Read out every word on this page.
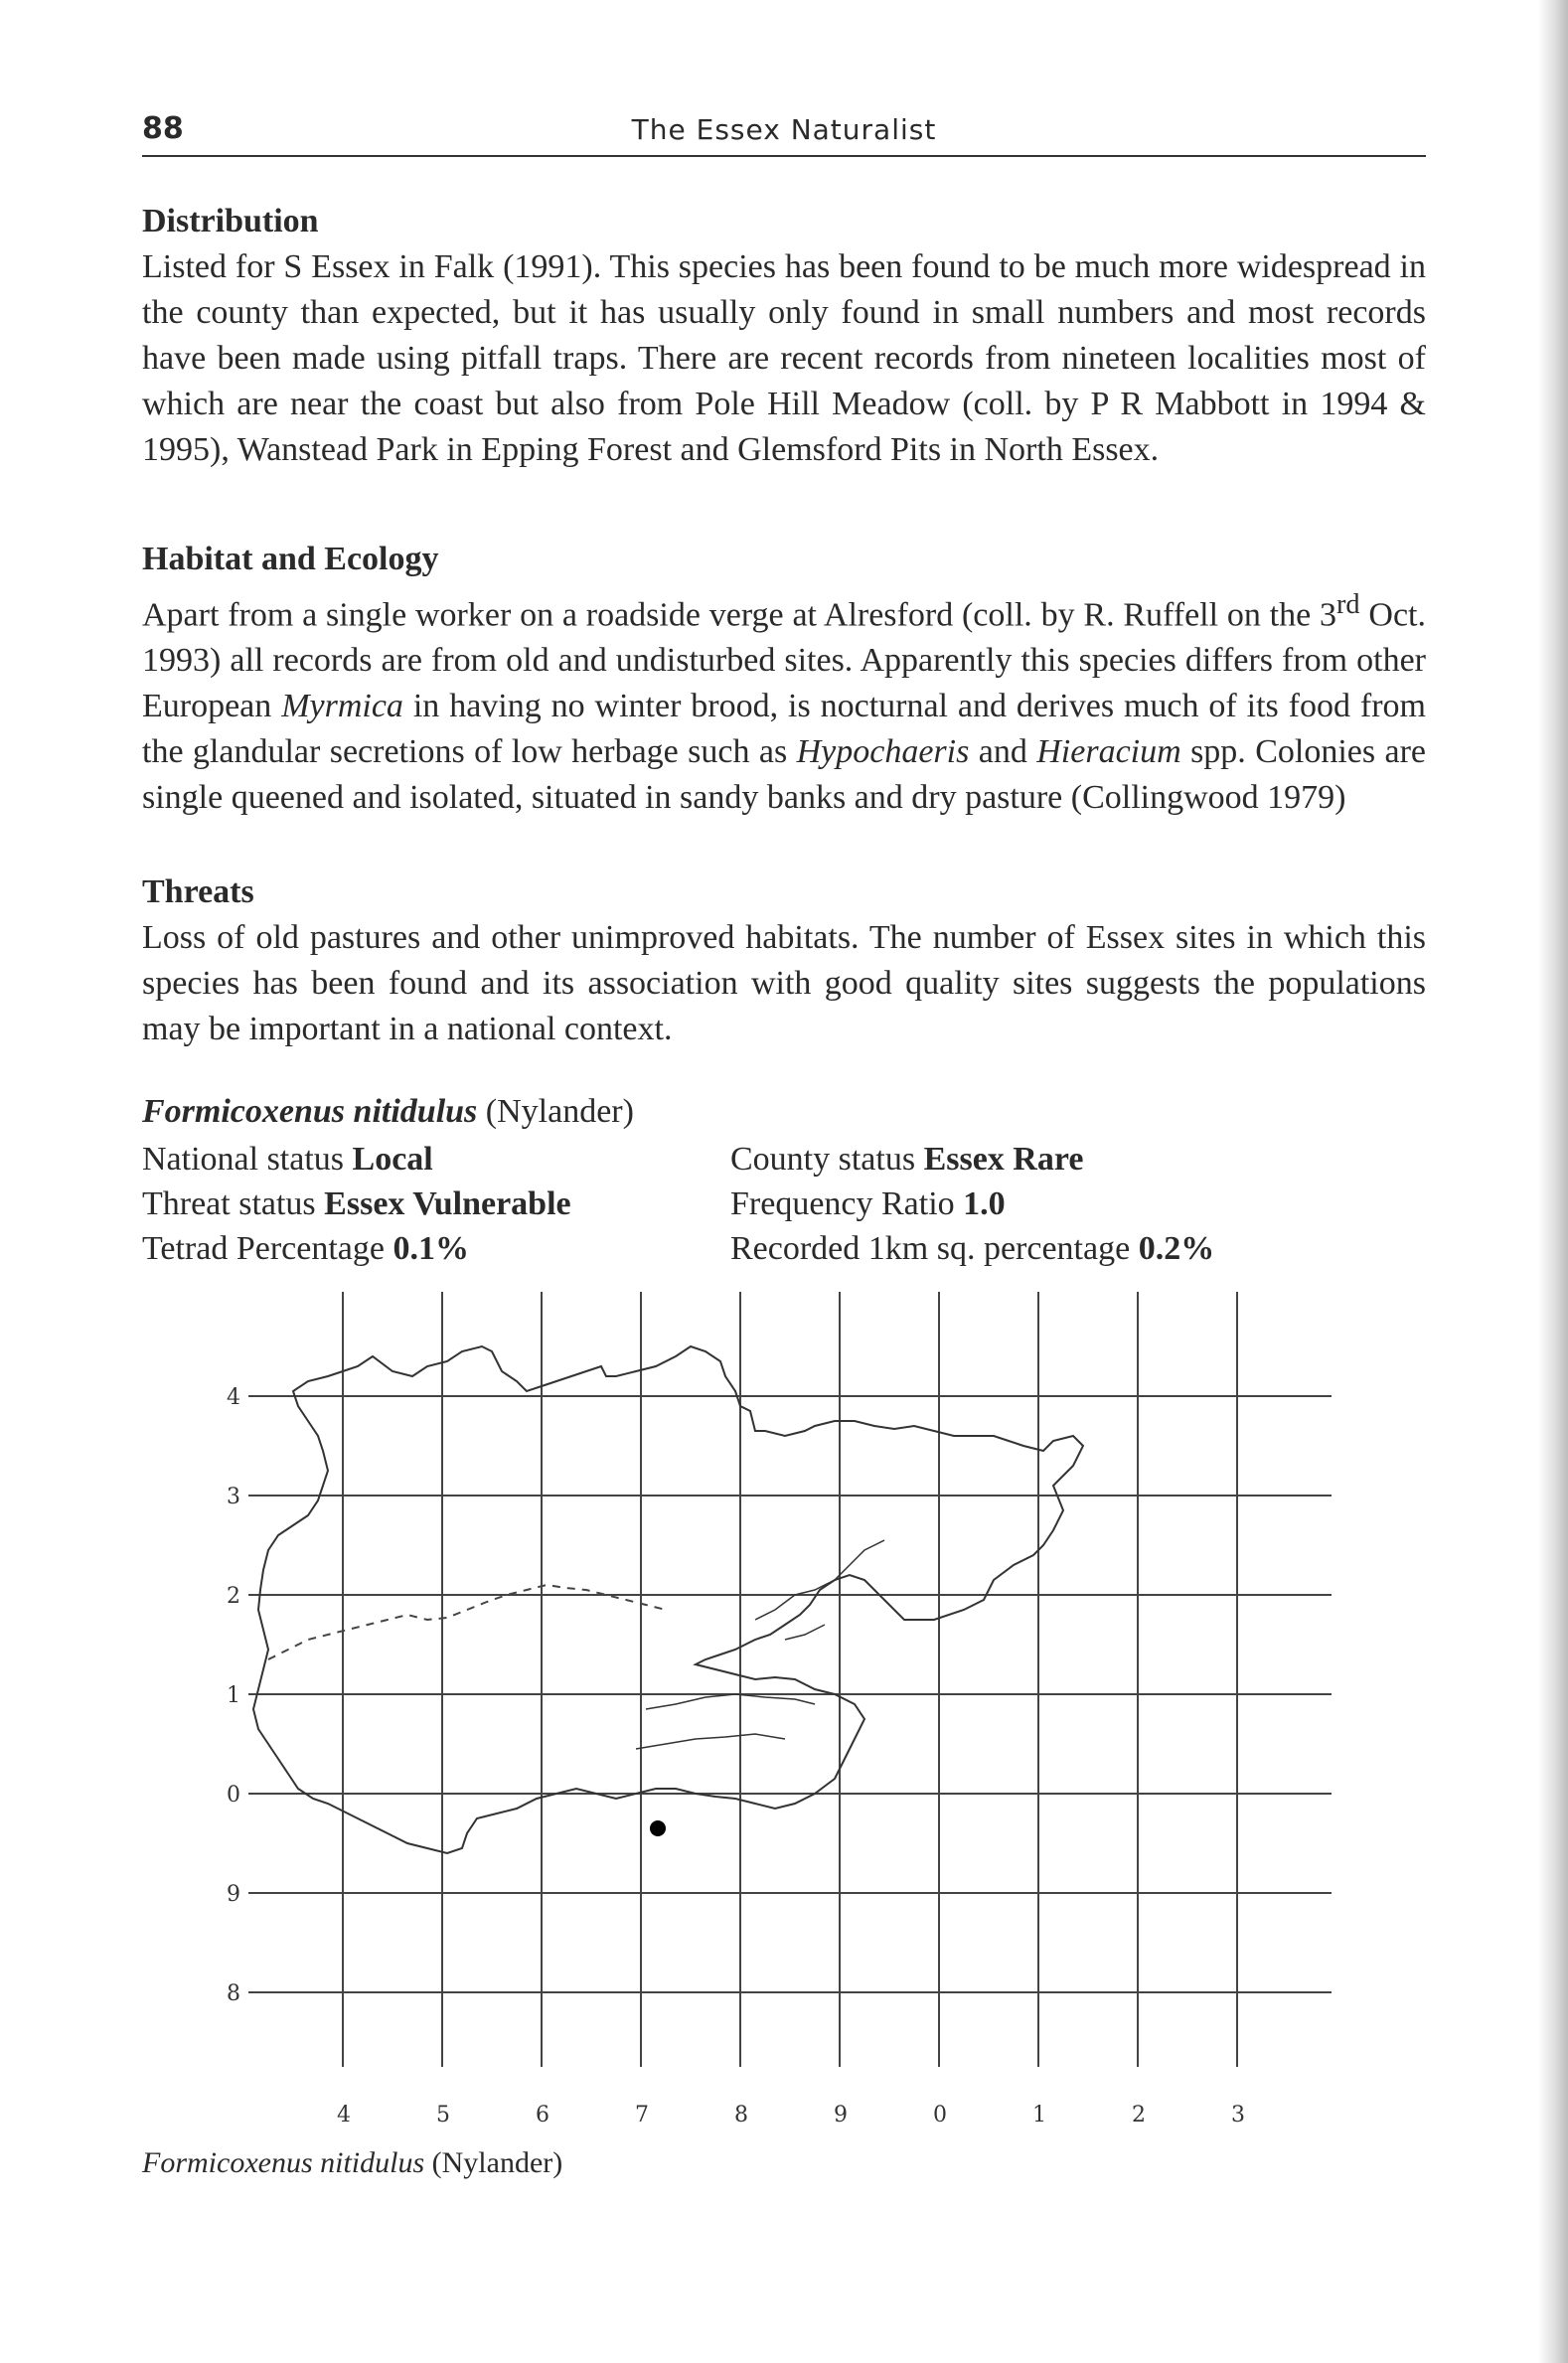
88	The Essex Naturalist
Distribution

Listed for S Essex in Falk (1991). This species has been found to be much more widespread in the county than expected, but it has usually only found in small numbers and most records have been made using pitfall traps. There are recent records from nineteen localities most of which are near the coast but also from Pole Hill Meadow (coll. by P R Mabbott in 1994 & 1995), Wanstead Park in Epping Forest and Glemsford Pits in North Essex.

Habitat and Ecology

Apart from a single worker on a roadside verge at Alresford (coll. by R. Ruffell on the 3rd Oct. 1993) all records are from old and undisturbed sites. Apparently this species differs from other European Myrmica in having no winter brood, is nocturnal and derives much of its food from the glandular secretions of low herbage such as Hypochaeris and Hieracium spp. Colonies are single queened and isolated, situated in sandy banks and dry pasture (Collingwood 1979)

Threats

Loss of old pastures and other unimproved habitats. The number of Essex sites in which this species has been found and its association with good quality sites suggests the populations may be important in a national context.

Formicoxenus nitidulus (Nylander)
National status Local	County status Essex Rare
Threat status Essex Vulnerable	Frequency Ratio 1.0
Tetrad Percentage 0.1%	Recorded 1km sq. percentage 0.2%
4
3
2
1
0
9
8
4	5	6	7	8	9	0	1	2	3
Formicoxenus nitidulus (Nylander)
